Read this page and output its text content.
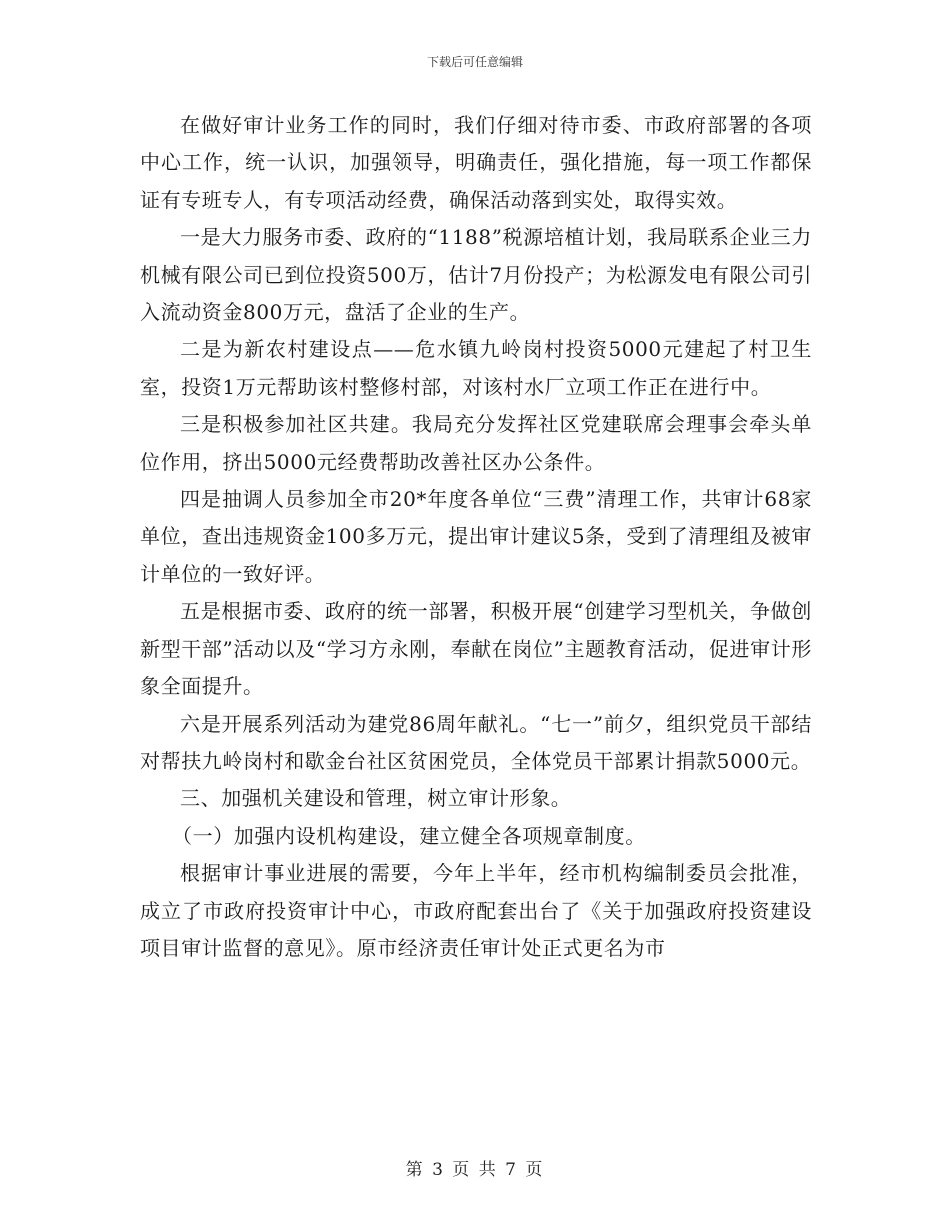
下载后可任意编辑

在做好审计业务工作的同时，我们仔细对待市委、市政府部署的各项中心工作，统一认识，加强领导，明确责任，强化措施，每一项工作都保证有专班专人，有专项活动经费，确保活动落到实处，取得实效。

一是大力服务市委、政府的“1188”税源培植计划，我局联系企业三力机械有限公司已到位投资500万，估计7月份投产；为松源发电有限公司引入流动资金800万元，盘活了企业的生产。

二是为新农村建设点——危水镇九岭岗村投资5000元建起了村卫生室，投资1万元帮助该村整修村部，对该村水厂立项工作正在进行中。

三是积极参加社区共建。我局充分发挥社区党建联席会理事会牵头单位作用，挤出5000元经费帮助改善社区办公条件。

四是抽调人员参加全市20*年度各单位“三费”清理工作，共审计68家单位，查出违规资金100多万元，提出审计建议5条，受到了清理组及被审计单位的一致好评。

五是根据市委、政府的统一部署，积极开展“创建学习型机关，争做创新型干部”活动以及“学习方永刚，奉献在岗位”主题教育活动，促进审计形象全面提升。

六是开展系列活动为建党86周年献礼。“七一”前夕，组织党员干部结对帮扶九岭岗村和歇金台社区贫困党员，全体党员干部累计捐款5000元。

三、加强机关建设和管理，树立审计形象。

（一）加强内设机构建设，建立健全各项规章制度。

根据审计事业进展的需要，今年上半年，经市机构编制委员会批准，成立了市政府投资审计中心，市政府配套出台了《关于加强政府投资建设项目审计监督的意见》。原市经济责任审计处正式更名为市

第 3 页 共 7 页
